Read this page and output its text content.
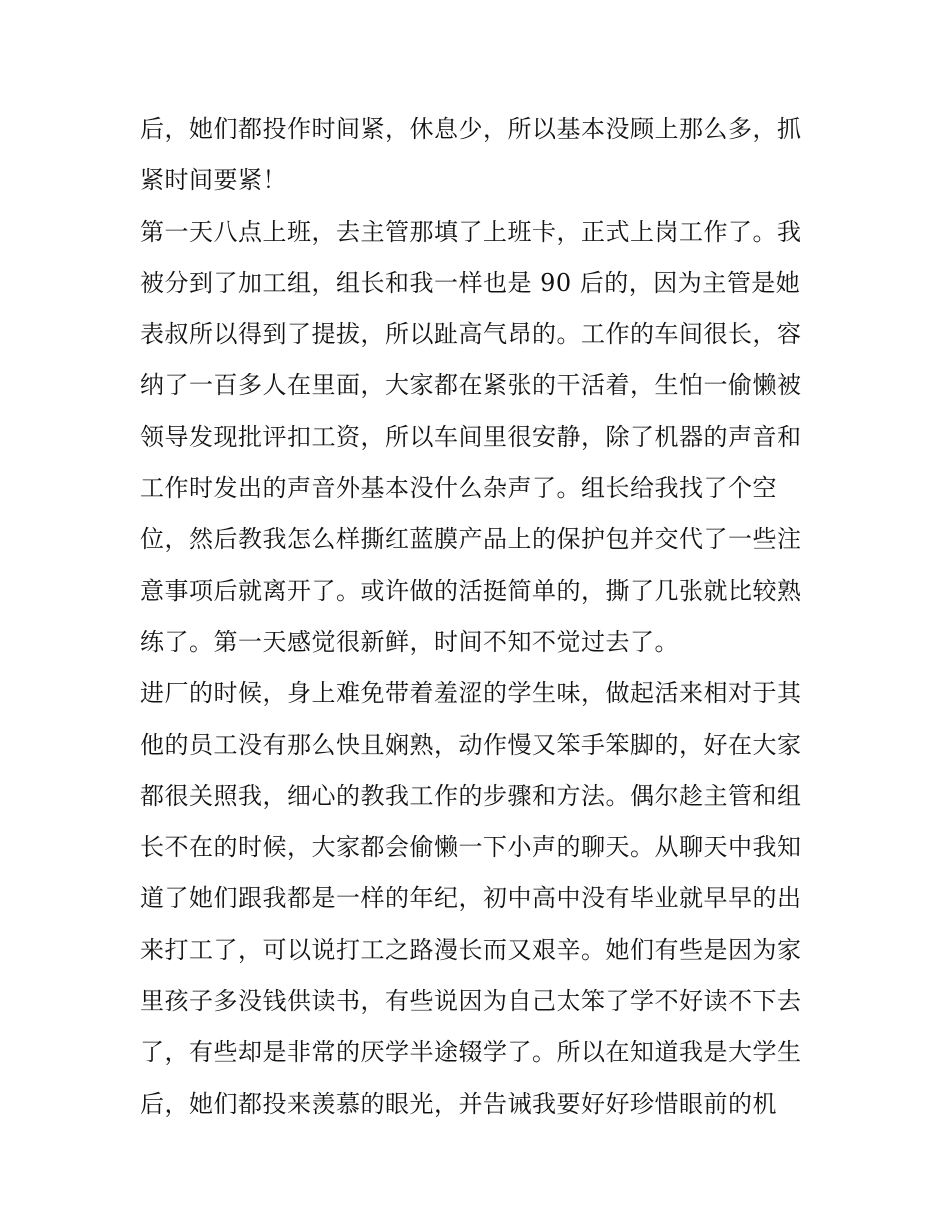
后，她们都投作时间紧，休息少，所以基本没顾上那么多，抓
紧时间要紧！
第一天八点上班，去主管那填了上班卡，正式上岗工作了。我
被分到了加工组，组长和我一样也是 90 后的，因为主管是她
表叔所以得到了提拔，所以趾高气昂的。工作的车间很长，容
纳了一百多人在里面，大家都在紧张的干活着，生怕一偷懒被
领导发现批评扣工资，所以车间里很安静，除了机器的声音和
工作时发出的声音外基本没什么杂声了。组长给我找了个空
位，然后教我怎么样撕红蓝膜产品上的保护包并交代了一些注
意事项后就离开了。或许做的活挺简单的，撕了几张就比较熟
练了。第一天感觉很新鲜，时间不知不觉过去了。
进厂的时候，身上难免带着羞涩的学生味，做起活来相对于其
他的员工没有那么快且娴熟，动作慢又笨手笨脚的，好在大家
都很关照我，细心的教我工作的步骤和方法。偶尔趁主管和组
长不在的时候，大家都会偷懒一下小声的聊天。从聊天中我知
道了她们跟我都是一样的年纪，初中高中没有毕业就早早的出
来打工了，可以说打工之路漫长而又艰辛。她们有些是因为家
里孩子多没钱供读书，有些说因为自己太笨了学不好读不下去
了，有些却是非常的厌学半途辍学了。所以在知道我是大学生
后，她们都投来羡慕的眼光，并告诫我要好好珍惜眼前的机
